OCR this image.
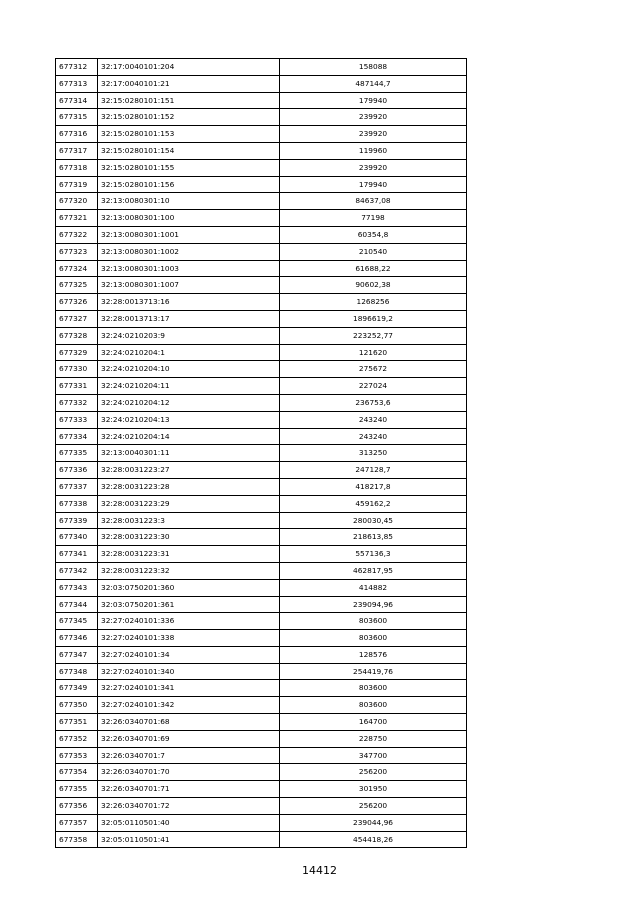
677312	32:17:0040101:204	158088
677313	32:17:0040101:21	487144,7
677314	32:15:0280101:151	179940
677315	32:15:0280101:152	239920
677316	32:15:0280101:153	239920
677317	32:15:0280101:154	119960
677318	32:15:0280101:155	239920
677319	32:15:0280101:156	179940
677320	32:13:0080301:10	84637,08
677321	32:13:0080301:100	77198
677322	32:13:0080301:1001	60354,8
677323	32:13:0080301:1002	210540
677324	32:13:0080301:1003	61688,22
677325	32:13:0080301:1007	90602,38
677326	32:28:0013713:16	1268256
677327	32:28:0013713:17	1896619,2
677328	32:24:0210203:9	223252,77
677329	32:24:0210204:1	121620
677330	32:24:0210204:10	275672
677331	32:24:0210204:11	227024
677332	32:24:0210204:12	236753,6
677333	32:24:0210204:13	243240
677334	32:24:0210204:14	243240
677335	32:13:0040301:11	313250
677336	32:28:0031223:27	247128,7
677337	32:28:0031223:28	418217,8
677338	32:28:0031223:29	459162,2
677339	32:28:0031223:3	280030,45
677340	32:28:0031223:30	218613,85
677341	32:28:0031223:31	557136,3
677342	32:28:0031223:32	462817,95
677343	32:03:0750201:360	414882
677344	32:03:0750201:361	239094,96
677345	32:27:0240101:336	803600
677346	32:27:0240101:338	803600
677347	32:27:0240101:34	128576
677348	32:27:0240101:340	254419,76
677349	32:27:0240101:341	803600
677350	32:27:0240101:342	803600
677351	32:26:0340701:68	164700
677352	32:26:0340701:69	228750
677353	32:26:0340701:7	347700
677354	32:26:0340701:70	256200
677355	32:26:0340701:71	301950
677356	32:26:0340701:72	256200
677357	32:05:0110501:40	239044,96
677358	32:05:0110501:41	454418,26
14412
